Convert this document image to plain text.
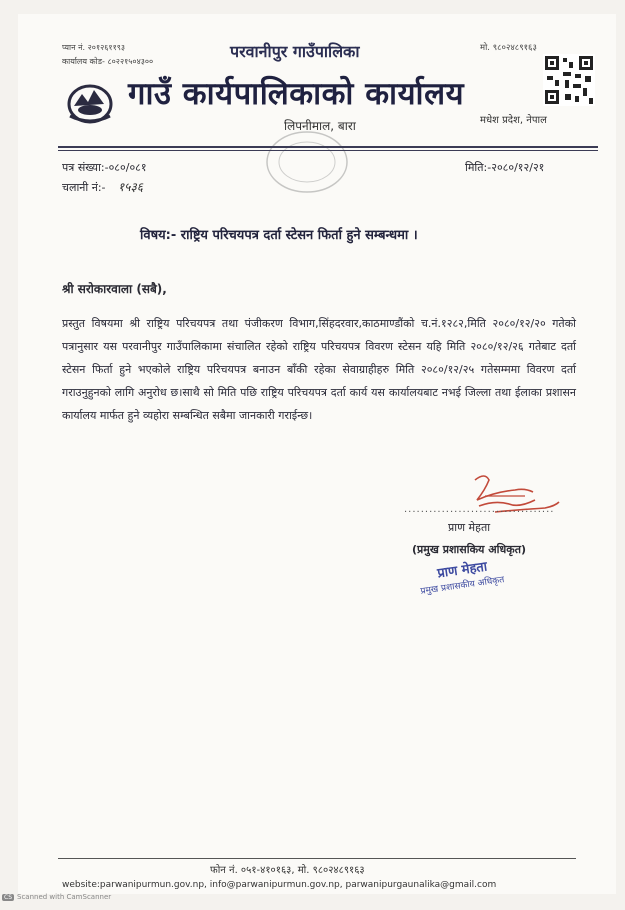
प्यान नं. २०१२६११९३
कार्यालय कोड- ८०२२१५०४३००
परवानीपुर गाउँपालिका	मो. ९८०२४८९१६३
गाउँ कार्यपालिकाको कार्यालय
लिपनीमाल, बारा	मधेश प्रदेश, नेपाल
पत्र संख्या:-०८०/०८१
चलानी नं:- १५३६
मिति:-२०८०/१२/२१
विषय:- राष्ट्रिय परिचयपत्र दर्ता स्टेसन फिर्ता हुने सम्बन्धमा ।
श्री सरोकारवाला (सबै),
प्रस्तुत विषयमा श्री राष्ट्रिय परिचयपत्र तथा पंजीकरण विभाग,सिंहदरवार,काठमाण्डौंको च.नं.१२८२,मिति २०८०/१२/२० गतेको पत्रानुसार यस परवानीपुर गाउँपालिकामा संचालित रहेको राष्ट्रिय परिचयपत्र विवरण स्टेसन यहि मिति २०८०/१२/२६ गतेबाट दर्ता स्टेसन फिर्ता हुने भएकोले राष्ट्रिय परिचयपत्र बनाउन बाँकी रहेका सेवाग्राहीहरु मिति २०८०/१२/२५ गतेसम्ममा विवरण दर्ता गराउनुहुनको लागि अनुरोध छ।साथै सो मिति पछि राष्ट्रिय परिचयपत्र दर्ता कार्य यस कार्यालयबाट नभई जिल्ला तथा ईलाका प्रशासन कार्यालय मार्फत हुने व्यहोरा सम्बन्धित सबैमा जानकारी गराईन्छ।
....................................
प्राण मेहता
(प्रमुख प्रशासकिय अधिकृत)
प्राण मेहता
प्रमुख प्रशासकीय अधिकृत
फोन नं. ०५१-४१०१६३, मो. ९८०२४८९१६३
website:parwanipurmun.gov.np, info@parwanipurmun.gov.np, parwanipurgaunalika@gmail.com
CS Scanned with CamScanner
